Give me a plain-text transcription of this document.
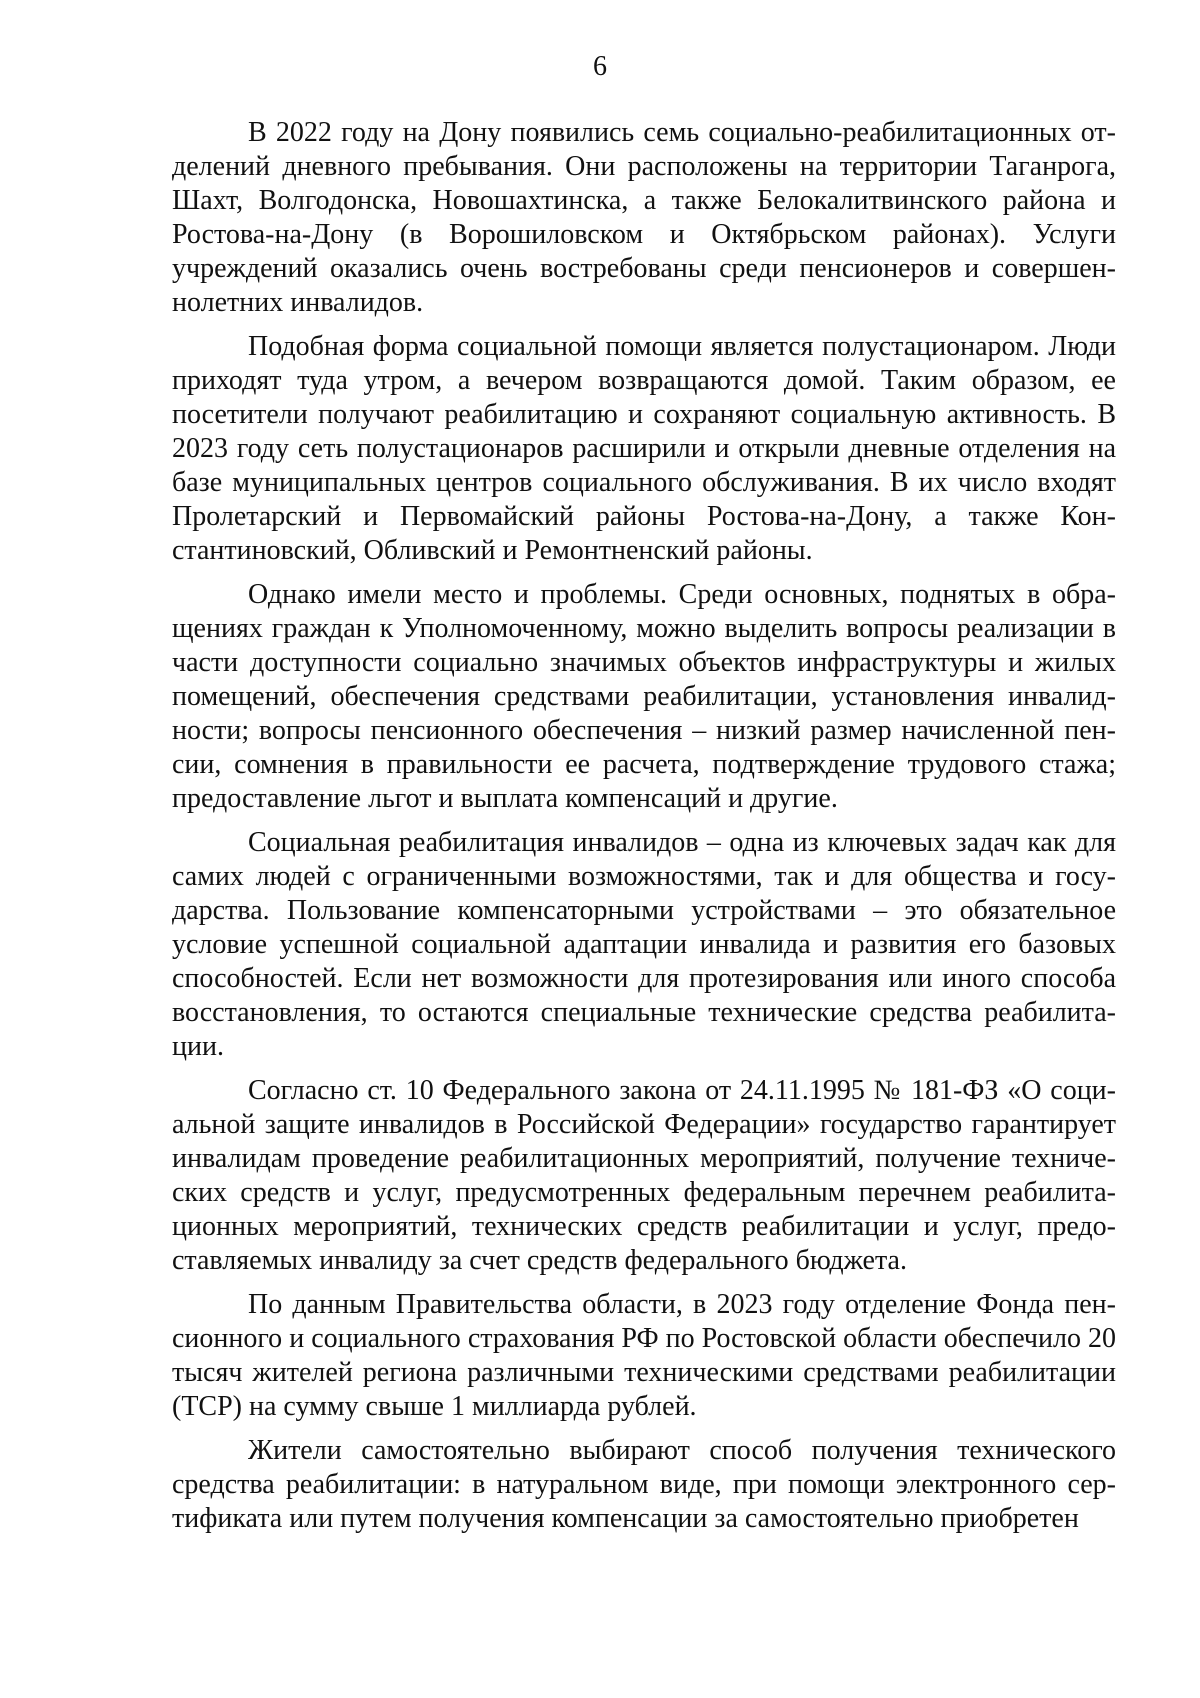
6

В 2022 году на Дону появились семь социально-реабилитационных отделений дневного пребывания. Они расположены на территории Таганрога, Шахт, Волгодонска, Новошахтинска, а также Белокалитвинского района и Ростова-на-Дону (в Ворошиловском и Октябрьском районах). Услуги учреждений оказались очень востребованы среди пенсионеров и совершеннолетних инвалидов.

Подобная форма социальной помощи является полустационаром. Люди приходят туда утром, а вечером возвращаются домой. Таким образом, ее посетители получают реабилитацию и сохраняют социальную активность. В 2023 году сеть полустационаров расширили и открыли дневные отделения на базе муниципальных центров социального обслуживания. В их число входят Пролетарский и Первомайский районы Ростова-на-Дону, а также Константиновский, Обливский и Ремонтненский районы.

Однако имели место и проблемы. Среди основных, поднятых в обращениях граждан к Уполномоченному, можно выделить вопросы реализации в части доступности социально значимых объектов инфраструктуры и жилых помещений, обеспечения средствами реабилитации, установления инвалидности; вопросы пенсионного обеспечения – низкий размер начисленной пенсии, сомнения в правильности ее расчета, подтверждение трудового стажа; предоставление льгот и выплата компенсаций и другие.

Социальная реабилитация инвалидов – одна из ключевых задач как для самих людей с ограниченными возможностями, так и для общества и государства. Пользование компенсаторными устройствами – это обязательное условие успешной социальной адаптации инвалида и развития его базовых способностей. Если нет возможности для протезирования или иного способа восстановления, то остаются специальные технические средства реабилитации.

Согласно ст. 10 Федерального закона от 24.11.1995 № 181-ФЗ «О социальной защите инвалидов в Российской Федерации» государство гарантирует инвалидам проведение реабилитационных мероприятий, получение технических средств и услуг, предусмотренных федеральным перечнем реабилитационных мероприятий, технических средств реабилитации и услуг, предоставляемых инвалиду за счет средств федерального бюджета.

По данным Правительства области, в 2023 году отделение Фонда пенсионного и социального страхования РФ по Ростовской области обеспечило 20 тысяч жителей региона различными техническими средствами реабилитации (ТСР) на сумму свыше 1 миллиарда рублей.

Жители самостоятельно выбирают способ получения технического средства реабилитации: в натуральном виде, при помощи электронного сертификата или путем получения компенсации за самостоятельно приобретен
